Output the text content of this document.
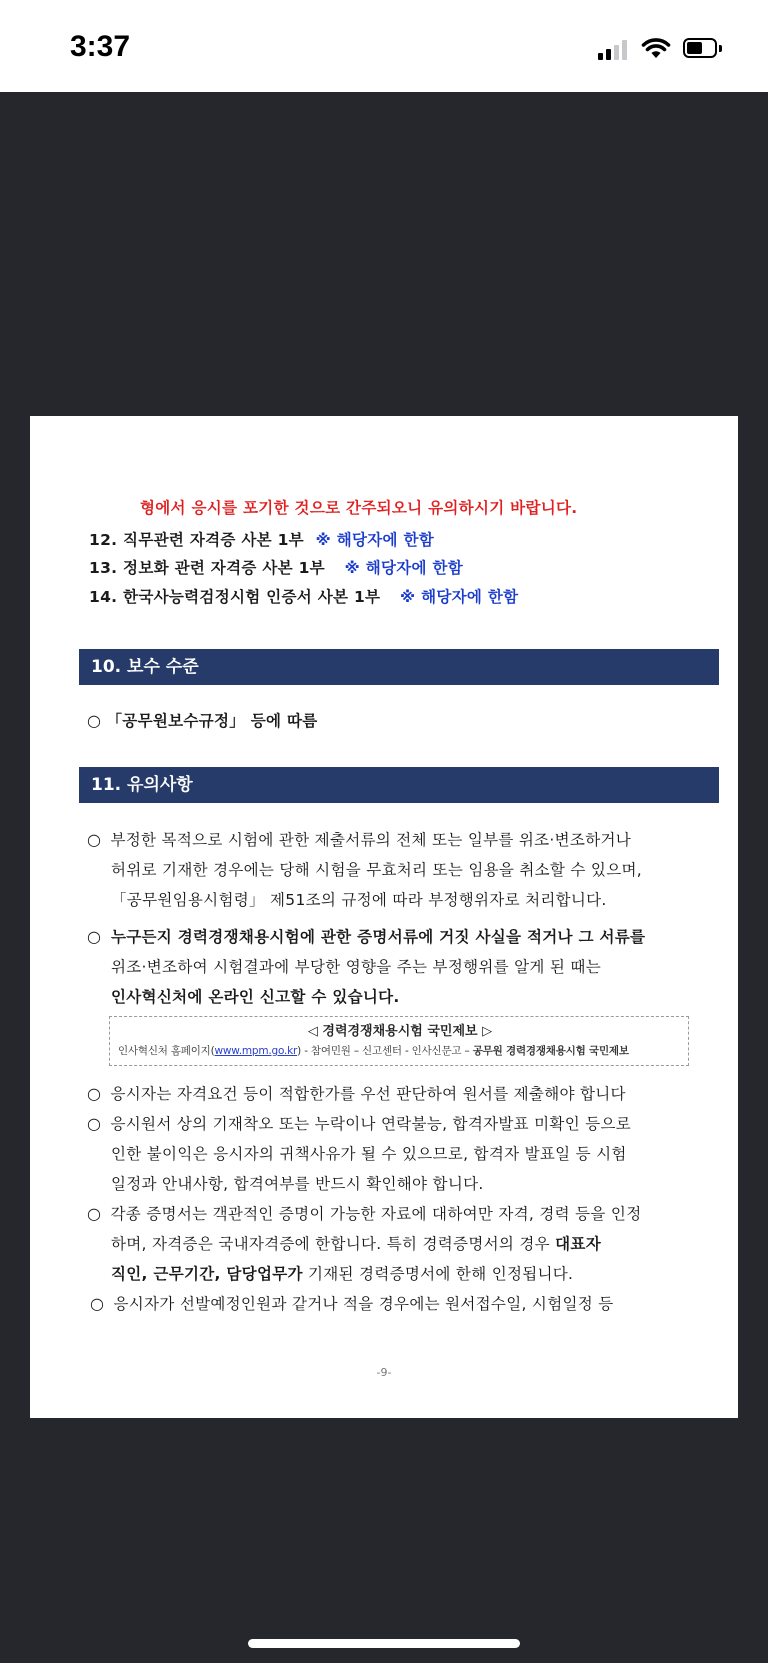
3:37
형에서 응시를 포기한 것으로 간주되오니 유의하시기 바랍니다.
12. 직무관련 자격증 사본 1부 ※ 해당자에 한함
13. 정보화 관련 자격증 사본 1부 ※ 해당자에 한함
14. 한국사능력검정시험 인증서 사본 1부 ※ 해당자에 한함
10. 보수 수준
○ 「공무원보수규정」 등에 따름
11. 유의사항
○ 부정한 목적으로 시험에 관한 제출서류의 전체 또는 일부를 위조·변조하거나
허위로 기재한 경우에는 당해 시험을 무효처리 또는 임용을 취소할 수 있으며,
「공무원임용시험령」 제51조의 규정에 따라 부정행위자로 처리합니다.
○ 누구든지 경력경쟁채용시험에 관한 증명서류에 거짓 사실을 적거나 그 서류를
위조·변조하여 시험결과에 부당한 영향을 주는 부정행위를 알게 된 때는
인사혁신처에 온라인 신고할 수 있습니다.
◁ 경력경쟁채용시험 국민제보 ▷
인사혁신처 홈페이지(www.mpm.go.kr) - 참여민원 – 신고센터 - 인사신문고 – 공무원 경력경쟁채용시험 국민제보
○ 응시자는 자격요건 등이 적합한가를 우선 판단하여 원서를 제출해야 합니다
○ 응시원서 상의 기재착오 또는 누락이나 연락불능, 합격자발표 미확인 등으로
인한 불이익은 응시자의 귀책사유가 될 수 있으므로, 합격자 발표일 등 시험
일정과 안내사항, 합격여부를 반드시 확인해야 합니다.
○ 각종 증명서는 객관적인 증명이 가능한 자료에 대하여만 자격, 경력 등을 인정
하며, 자격증은 국내자격증에 한합니다. 특히 경력증명서의 경우 대표자
직인, 근무기간, 담당업무가 기재된 경력증명서에 한해 인정됩니다.
○ 응시자가 선발예정인원과 같거나 적을 경우에는 원서접수일, 시험일정 등
-9-
